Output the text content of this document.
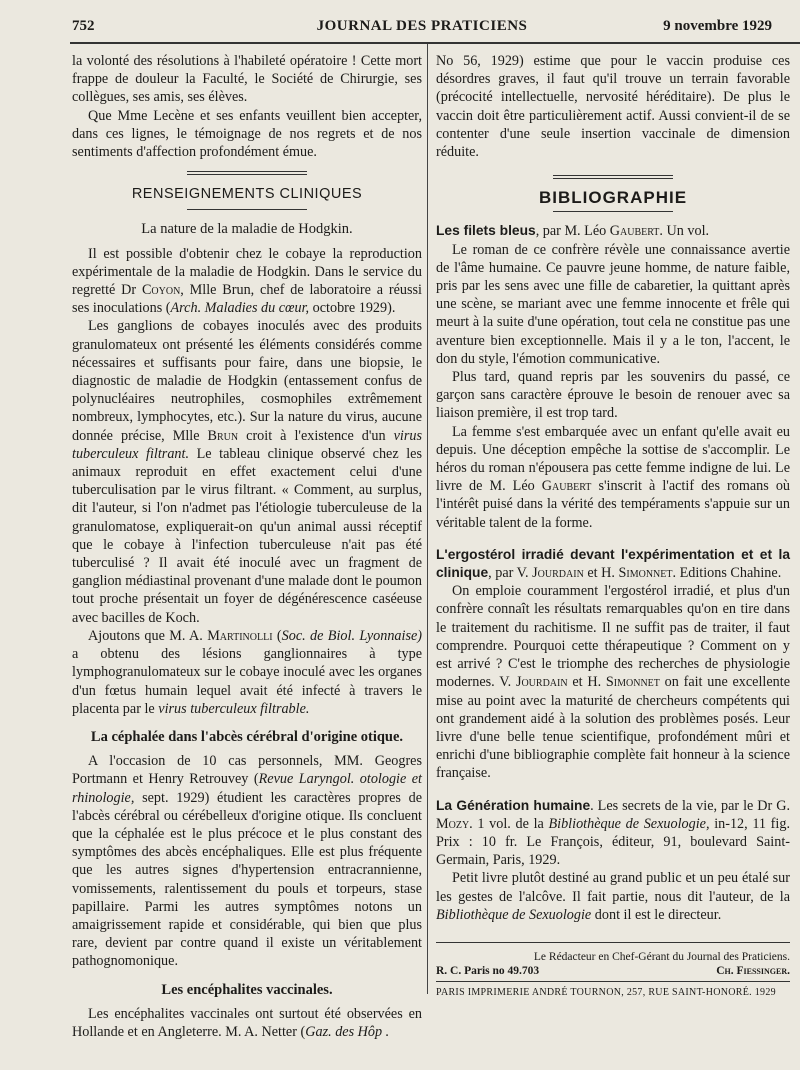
752	JOURNAL DES PRATICIENS	9 novembre 1929

la volonté des résolutions à l'habileté opératoire ! Cette mort frappe de douleur la Faculté, le Société de Chirurgie, ses collègues, ses amis, ses élèves.

Que Mme Lecène et ses enfants veuillent bien accepter, dans ces lignes, le témoignage de nos regrets et de nos sentiments d'affection profondément émue.

RENSEIGNEMENTS CLINIQUES
La nature de la maladie de Hodgkin.

Il est possible d'obtenir chez le cobaye la reproduction expérimentale de la maladie de Hodgkin. Dans le service du regretté Dr Coyon, Mlle Brun, chef de laboratoire a réussi ses inoculations (Arch. Maladies du cœur, octobre 1929).

Les ganglions de cobayes inoculés avec des produits granulomateux ont présenté les éléments considérés comme nécessaires et suffisants pour faire, dans une biopsie, le diagnostic de maladie de Hodgkin (entassement confus de polynucléaires neutrophiles, cosmophiles extrêmement nombreux, lymphocytes, etc.). Sur la nature du virus, aucune donnée précise, Mlle Brun croit à l'existence d'un virus tuberculeux filtrant. Le tableau clinique observé chez les animaux reproduit en effet exactement celui d'une tuberculisation par le virus filtrant. « Comment, au surplus, dit l'auteur, si l'on n'admet pas l'étiologie tuberculeuse de la granulomatose, expliquerait-on qu'un animal aussi réceptif que le cobaye à l'infection tuberculeuse n'ait pas été tuberculisé ? Il avait été inoculé avec un fragment de ganglion médiastinal provenant d'une malade dont le poumon tout proche présentait un foyer de dégénérescence caséeuse avec bacilles de Koch.

Ajoutons que M. A. Martinolli (Soc. de Biol. Lyonnaise) a obtenu des lésions ganglionnaires à type lymphogranulomateux sur le cobaye inoculé avec les organes d'un fœtus humain lequel avait été infecté à travers le placenta par le virus tuberculeux filtrable.

La céphalée dans l'abcès cérébral d'origine otique.

A l'occasion de 10 cas personnels, MM. Geogres Portmann et Henry Retrouvey (Revue Laryngol. otologie et rhinologie, sept. 1929) étudient les caractères propres de l'abcès cérébral ou cérébelleux d'origine otique. Ils concluent que la céphalée est le plus précoce et le plus constant des symptômes des abcès encéphaliques. Elle est plus fréquente que les autres signes d'hypertension entracrannienne, vomissements, ralentissement du pouls et torpeurs, stase papillaire. Parmi les autres symptômes notons un amaigrissement rapide et considérable, qui bien que plus rare, devient par contre quand il existe un véritablement pathognomonique.

Les encéphalites vaccinales.

Les encéphalites vaccinales ont surtout été observées en Hollande et en Angleterre. M. A. Netter (Gaz. des Hôp .

No 56, 1929) estime que pour le vaccin produise ces désordres graves, il faut qu'il trouve un terrain favorable (précocité intellectuelle, nervosité héréditaire). De plus le vaccin doit être particulièrement actif. Aussi convient-il de se contenter d'une seule insertion vaccinale de dimension réduite.

BIBLIOGRAPHIE

Les filets bleus, par M. Léo Gaubert. Un vol.

Le roman de ce confrère révèle une connaissance avertie de l'âme humaine. Ce pauvre jeune homme, de nature faible, pris par les sens avec une fille de cabaretier, la quittant après une scène, se mariant avec une femme innocente et frêle qui meurt à la suite d'une opération, tout cela ne constitue pas une aventure bien exceptionnelle. Mais il y a le ton, l'accent, le don du style, l'émotion communicative.

Plus tard, quand repris par les souvenirs du passé, ce garçon sans caractère éprouve le besoin de renouer avec sa liaison première, il est trop tard.

La femme s'est embarquée avec un enfant qu'elle avait eu depuis. Une déception empêche la sottise de s'accomplir. Le héros du roman n'épousera pas cette femme indigne de lui. Le livre de M. Léo Gaubert s'inscrit à l'actif des romans où l'intérêt puisé dans la vérité des tempéraments s'appuie sur un véritable talent de la forme.

L'ergostérol irradié devant l'expérimentation et et la clinique, par V. Jourdain et H. Simonnet. Editions Chahine.

On emploie couramment l'ergostérol irradié, et plus d'un confrère connaît les résultats remarquables qu'on en tire dans le traitement du rachitisme. Il ne suffit pas de traiter, il faut comprendre. Pourquoi cette thérapeutique ? Comment on y est arrivé ? C'est le triomphe des recherches de physiologie modernes. V. Jourdain et H. Simonnet on fait une excellente mise au point avec la maturité de chercheurs compétents qui ont grandement aidé à la solution des problèmes posés. Leur livre d'une belle tenue scientifique, profondément mûri et enrichi d'une bibliographie complète fait honneur à la science française.

La Génération humaine. Les secrets de la vie, par le Dr G. Mozy. 1 vol. de la Bibliothèque de Sexuologie, in-12, 11 fig. Prix : 10 fr. Le François, éditeur, 91, boulevard Saint-Germain, Paris, 1929.

Petit livre plutôt destiné au grand public et un peu étalé sur les gestes de l'alcôve. Il fait partie, nous dit l'auteur, de la Bibliothèque de Sexuologie dont il est le directeur.

Le Rédacteur en Chef-Gérant du Journal des Praticiens.
R. C. Paris no 49.703	Ch. Fiessinger.
PARIS IMPRIMERIE ANDRÉ TOURNON, 257, RUE SAINT-HONORÉ. 1929
